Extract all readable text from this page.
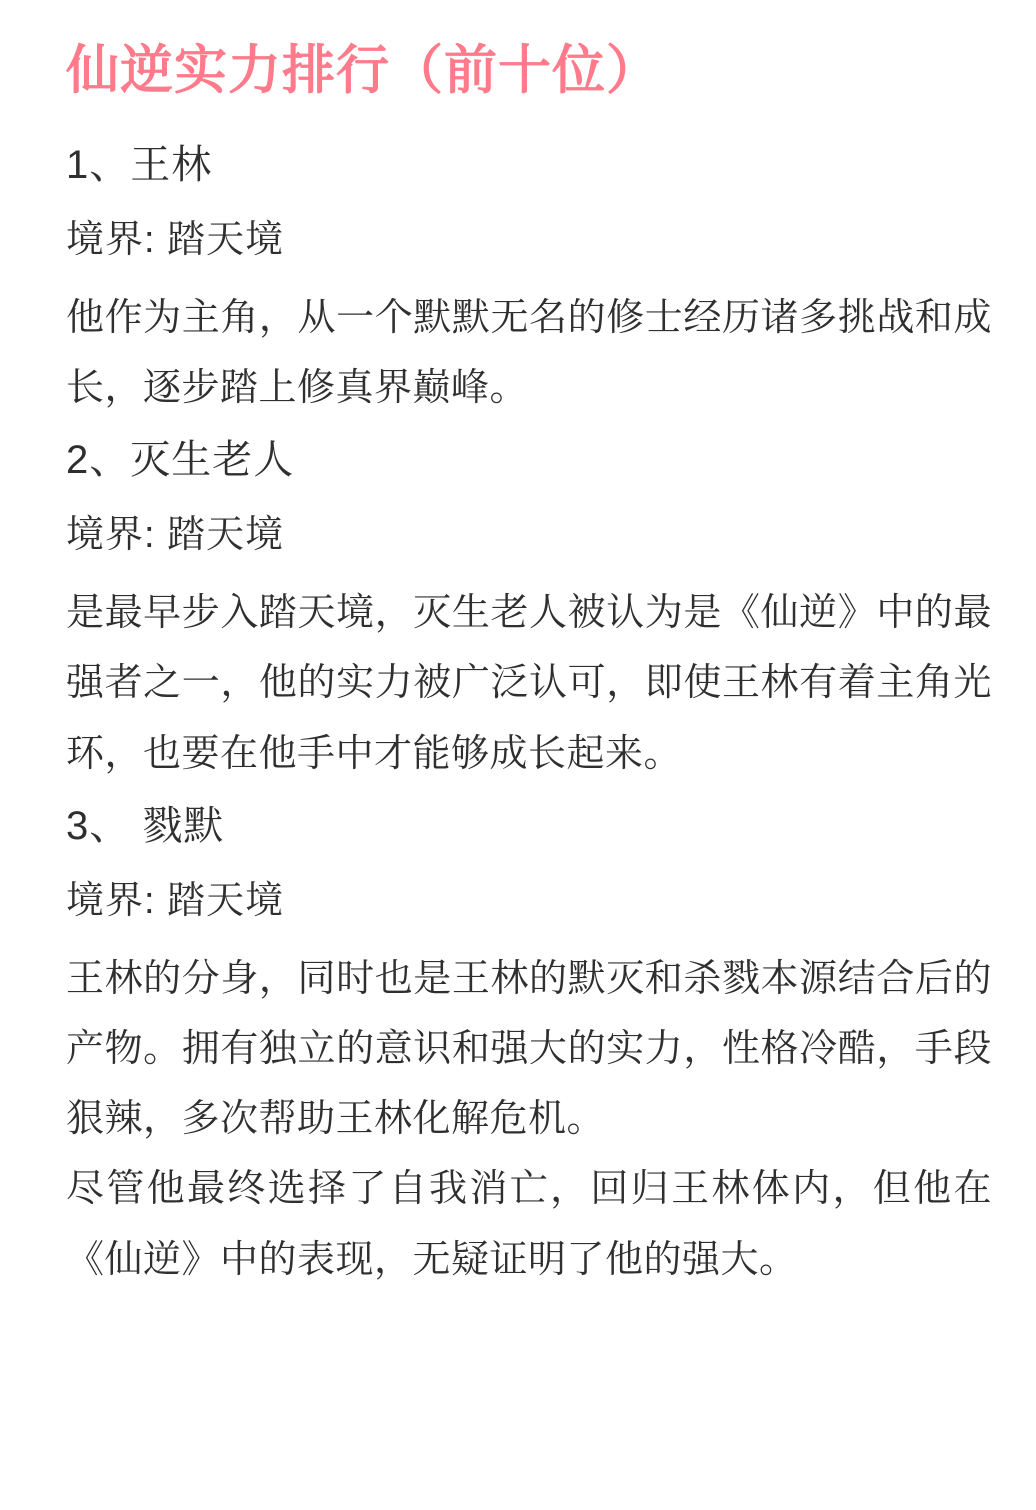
仙逆实力排行（前十位）
1、王林
境界: 踏天境

他作为主角，从一个默默无名的修士经历诸多挑战和成长，逐步踏上修真界巅峰。

2、灭生老人
境界: 踏天境

是最早步入踏天境，灭生老人被认为是《仙逆》中的最强者之一，他的实力被广泛认可，即使王林有着主角光环，也要在他手中才能够成长起来。

3、 戮默
境界: 踏天境

王林的分身，同时也是王林的默灭和杀戮本源结合后的产物。拥有独立的意识和强大的实力，性格冷酷，手段狠辣，多次帮助王林化解危机。

尽管他最终选择了自我消亡，回归王林体内，但他在《仙逆》中的表现，无疑证明了他的强大。
